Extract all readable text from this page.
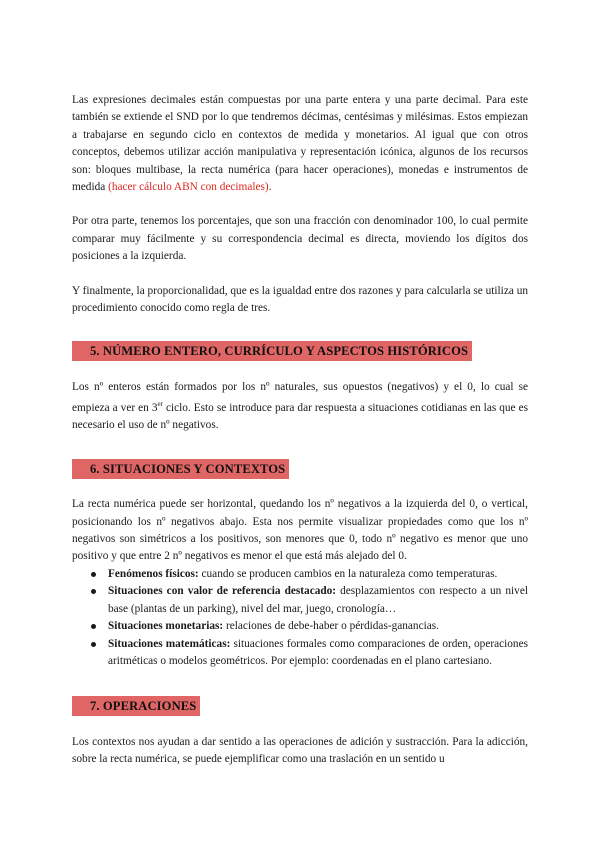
Las expresiones decimales están compuestas por una parte entera y una parte decimal. Para este también se extiende el SND por lo que tendremos décimas, centésimas y milésimas. Estos empiezan a trabajarse en segundo ciclo en contextos de medida y monetarios. Al igual que con otros conceptos, debemos utilizar acción manipulativa y representación icónica, algunos de los recursos son: bloques multibase, la recta numérica (para hacer operaciones), monedas e instrumentos de medida (hacer cálculo ABN con decimales).

Por otra parte, tenemos los porcentajes, que son una fracción con denominador 100, lo cual permite comparar muy fácilmente y su correspondencia decimal es directa, moviendo los dígitos dos posiciones a la izquierda.

Y finalmente, la proporcionalidad, que es la igualdad entre dos razones y para calcularla se utiliza un procedimiento conocido como regla de tres.

5. NÚMERO ENTERO, CURRÍCULO Y ASPECTOS HISTÓRICOS

Los nº enteros están formados por los nº naturales, sus opuestos (negativos) y el 0, lo cual se empieza a ver en 3er ciclo. Esto se introduce para dar respuesta a situaciones cotidianas en las que es necesario el uso de nº negativos.

6. SITUACIONES Y CONTEXTOS

La recta numérica puede ser horizontal, quedando los nº negativos a la izquierda del 0, o vertical, posicionando los nº negativos abajo. Esta nos permite visualizar propiedades como que los nº negativos son simétricos a los positivos, son menores que 0, todo nº negativo es menor que uno positivo y que entre 2 nº negativos es menor el que está más alejado del 0.

Fenómenos físicos: cuando se producen cambios en la naturaleza como temperaturas.
Situaciones con valor de referencia destacado: desplazamientos con respecto a un nivel base (plantas de un parking), nivel del mar, juego, cronología…
Situaciones monetarias: relaciones de debe-haber o pérdidas-ganancias.
Situaciones matemáticas: situaciones formales como comparaciones de orden, operaciones aritméticas o modelos geométricos. Por ejemplo: coordenadas en el plano cartesiano.
7. OPERACIONES

Los contextos nos ayudan a dar sentido a las operaciones de adición y sustracción. Para la adicción, sobre la recta numérica, se puede ejemplificar como una traslación en un sentido u
